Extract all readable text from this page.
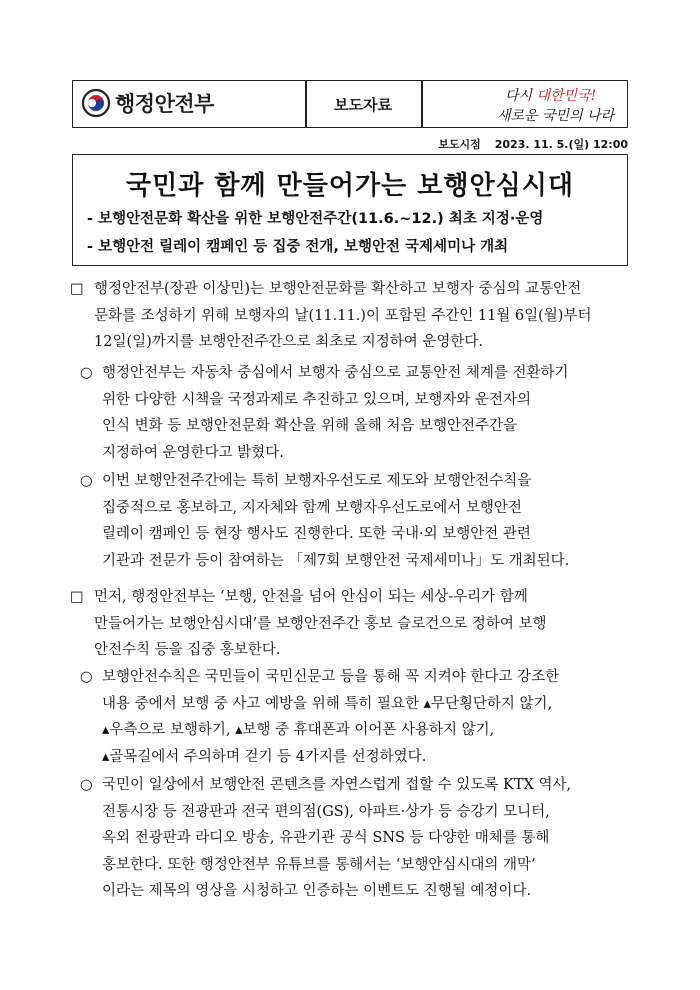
행정안전부	보도자료	다시 대한민국!
새로운 국민의 나라
보도시점 2023. 11. 5.(일) 12:00
국민과 함께 만들어가는 보행안심시대
- 보행안전문화 확산을 위한 보행안전주간(11.6.~12.) 최초 지정·운영
- 보행안전 릴레이 캠페인 등 집중 전개, 보행안전 국제세미나 개최
□ 행정안전부(장관 이상민)는 보행안전문화를 확산하고 보행자 중심의 교통안전
문화를 조성하기 위해 보행자의 날(11.11.)이 포함된 주간인 11월 6일(월)부터
12일(일)까지를 보행안전주간으로 최초로 지정하여 운영한다.
○ 행정안전부는 자동차 중심에서 보행자 중심으로 교통안전 체계를 전환하기
위한 다양한 시책을 국정과제로 추진하고 있으며, 보행자와 운전자의
인식 변화 등 보행안전문화 확산을 위해 올해 처음 보행안전주간을
지정하여 운영한다고 밝혔다.
○ 이번 보행안전주간에는 특히 보행자우선도로 제도와 보행안전수칙을
집중적으로 홍보하고, 지자체와 함께 보행자우선도로에서 보행안전
릴레이 캠페인 등 현장 행사도 진행한다. 또한 국내·외 보행안전 관련
기관과 전문가 등이 참여하는 「제7회 보행안전 국제세미나」도 개최된다.
□ 먼저, 행정안전부는 ‘보행, 안전을 넘어 안심이 되는 세상-우리가 함께
만들어가는 보행안심시대’를 보행안전주간 홍보 슬로건으로 정하여 보행
안전수칙 등을 집중 홍보한다.
○ 보행안전수칙은 국민들이 국민신문고 등을 통해 꼭 지켜야 한다고 강조한
내용 중에서 보행 중 사고 예방을 위해 특히 필요한 ▴무단횡단하지 않기,
▴우측으로 보행하기, ▴보행 중 휴대폰과 이어폰 사용하지 않기,
▴골목길에서 주의하며 걷기 등 4가지를 선정하였다.
○ 국민이 일상에서 보행안전 콘텐츠를 자연스럽게 접할 수 있도록 KTX 역사,
전통시장 등 전광판과 전국 편의점(GS), 아파트·상가 등 승강기 모니터,
옥외 전광판과 라디오 방송, 유관기관 공식 SNS 등 다양한 매체를 통해
홍보한다. 또한 행정안전부 유튜브를 통해서는 ‘보행안심시대의 개막’
이라는 제목의 영상을 시청하고 인증하는 이벤트도 진행될 예정이다.
